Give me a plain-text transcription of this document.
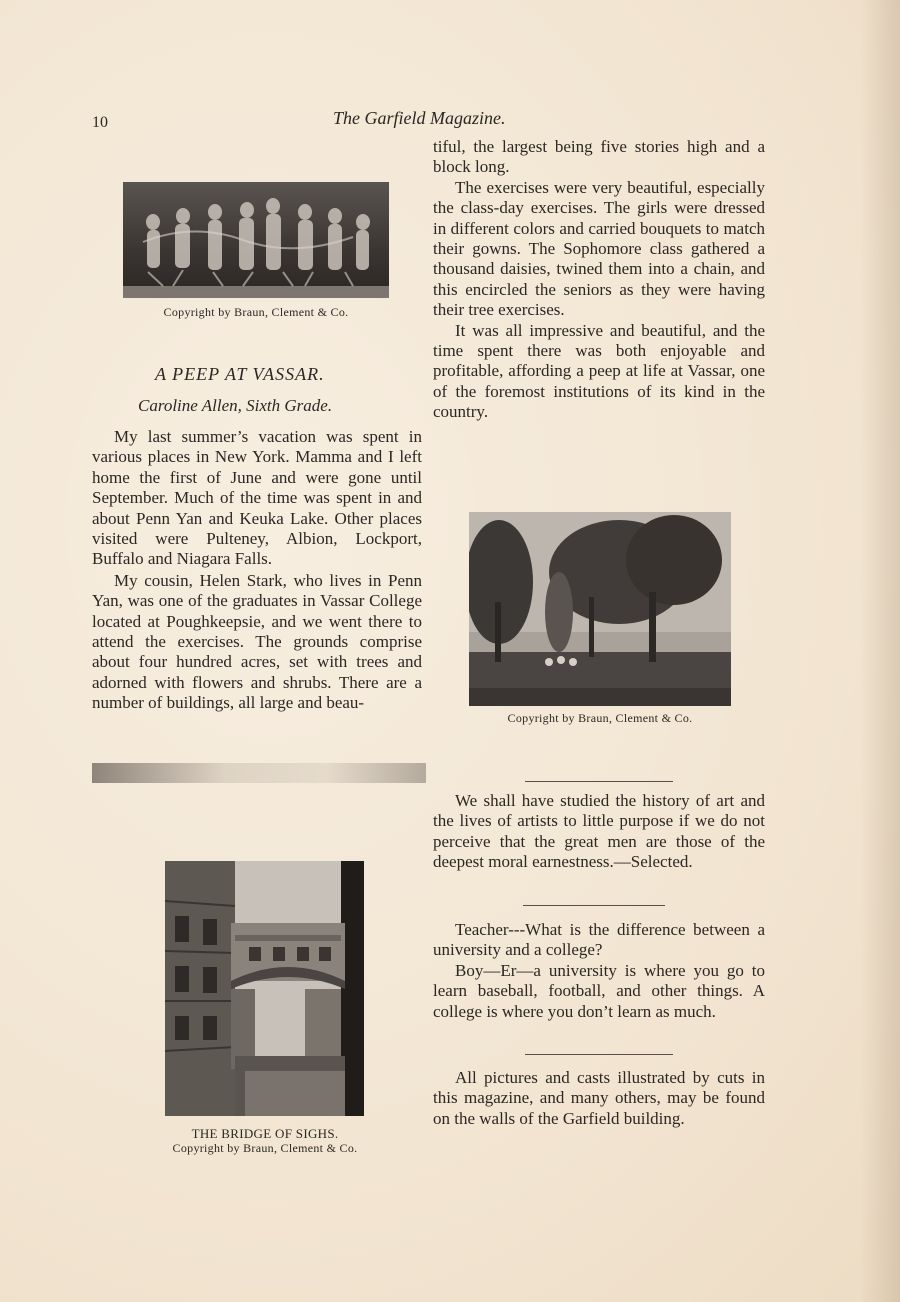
10	The Garfield Magazine.
Copyright by Braun, Clement & Co.
A PEEP AT VASSAR.
Caroline Allen, Sixth Grade.

My last summer’s vacation was spent in various places in New York. Mamma and I left home the first of June and were gone until September. Much of the time was spent in and about Penn Yan and Keuka Lake. Other places visited were Pulteney, Albion, Lockport, Buffalo and Niagara Falls.

My cousin, Helen Stark, who lives in Penn Yan, was one of the graduates in Vassar College located at Poughkeepsie, and we went there to attend the exercises. The grounds comprise about four hundred acres, set with trees and adorned with flowers and shrubs. There are a number of buildings, all large and beau-

tiful, the largest being five stories high and a block long.

The exercises were very beautiful, especially the class-day exercises. The girls were dressed in different colors and carried bouquets to match their gowns. The Sophomore class gathered a thousand daisies, twined them into a chain, and this encircled the seniors as they were having their tree exercises.

It was all impressive and beautiful, and the time spent there was both enjoyable and profitable, affording a peep at life at Vassar, one of the foremost institutions of its kind in the country.

Copyright by Braun, Clement & Co.

We shall have studied the history of art and the lives of artists to little purpose if we do not perceive that the great men are those of the deepest moral earnestness.—Selected.

Teacher---What is the difference between a university and a college?

Boy—Er—a university is where you go to learn baseball, football, and other things. A college is where you don’t learn as much.

All pictures and casts illustrated by cuts in this magazine, and many others, may be found on the walls of the Garfield building.

THE BRIDGE OF SIGHS.
Copyright by Braun, Clement & Co.
